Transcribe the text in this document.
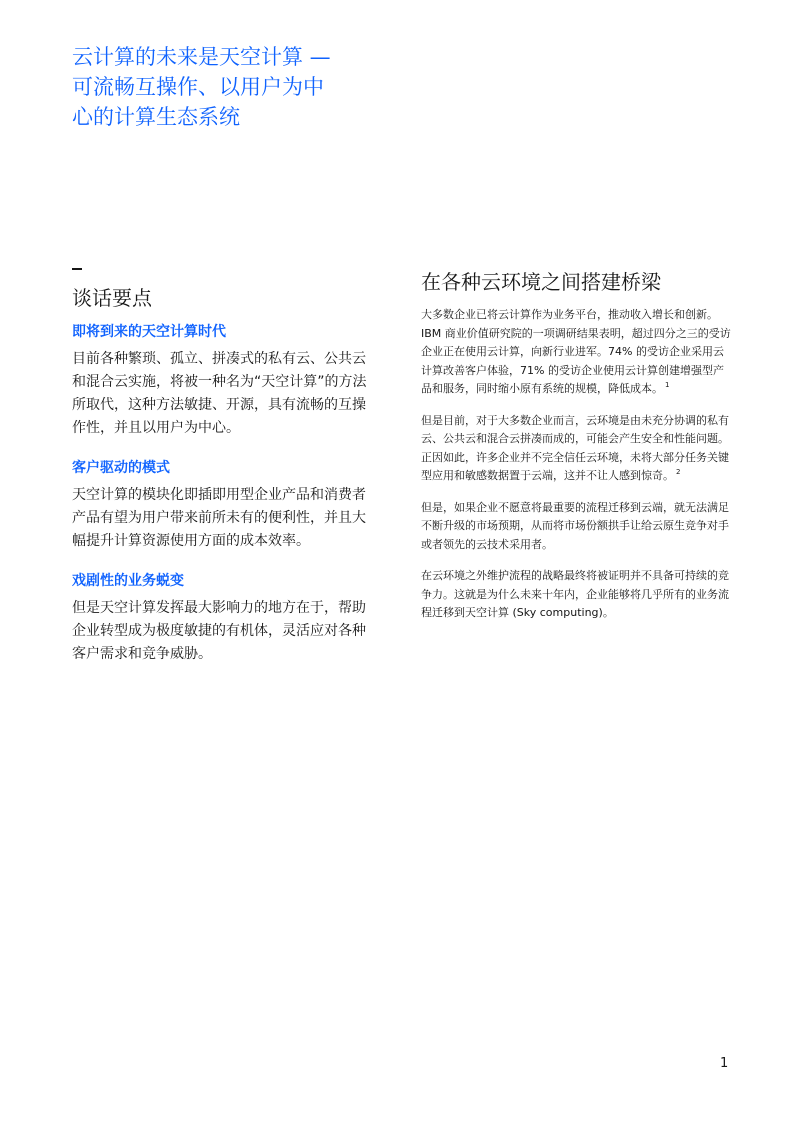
云计算的未来是天空计算 —
可流畅互操作、以用户为中
心的计算生态系统
谈话要点
即将到来的天空计算时代

目前各种繁琐、孤立、拼凑式的私有云、公共云和混合云实施，将被一种名为“天空计算”的方法所取代，这种方法敏捷、开源，具有流畅的互操作性，并且以用户为中心。

客户驱动的模式

天空计算的模块化即插即用型企业产品和消费者产品有望为用户带来前所未有的便利性，并且大幅提升计算资源使用方面的成本效率。

戏剧性的业务蜕变

但是天空计算发挥最大影响力的地方在于，帮助企业转型成为极度敏捷的有机体，灵活应对各种客户需求和竞争威胁。

在各种云环境之间搭建桥梁

大多数企业已将云计算作为业务平台，推动收入增长和创新。IBM 商业价值研究院的一项调研结果表明，超过四分之三的受访企业正在使用云计算，向新行业进军。74% 的受访企业采用云计算改善客户体验，71% 的受访企业使用云计算创建增强型产品和服务，同时缩小原有系统的规模，降低成本。 $^1$

但是目前，对于大多数企业而言，云环境是由未充分协调的私有云、公共云和混合云拼凑而成的，可能会产生安全和性能问题。正因如此，许多企业并不完全信任云环境，未将大部分任务关键型应用和敏感数据置于云端，这并不让人感到惊奇。 $^2$

但是，如果企业不愿意将最重要的流程迁移到云端，就无法满足不断升级的市场预期，从而将市场份额拱手让给云原生竞争对手或者领先的云技术采用者。

在云环境之外维护流程的战略最终将被证明并不具备可持续的竞争力。这就是为什么未来十年内，企业能够将几乎所有的业务流程迁移到天空计算 (Sky computing)。

1
